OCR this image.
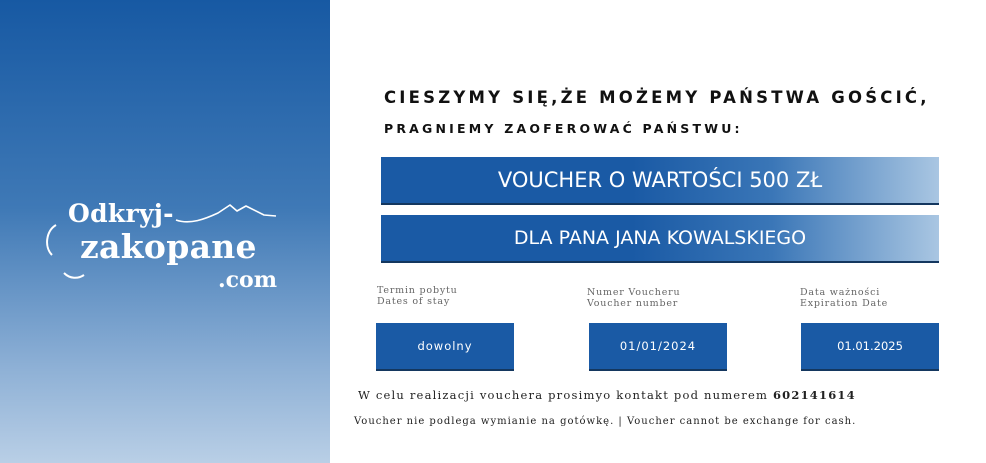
Odkryj-
zakopane
.com
CIESZYMY SIĘ,ŻE MOŻEMY PAŃSTWA GOŚCIĆ,
PRAGNIEMY ZAOFEROWAĆ PAŃSTWU:
VOUCHER O WARTOŚCI 500 ZŁ
DLA PANA JANA KOWALSKIEGO
Termin pobytu
Dates of stay
Numer Voucheru
Voucher number
Data ważności
Expiration Date
dowolny	01/01/2024	01.01.2025
W celu realizacji vouchera prosimyo kontakt pod numerem 602141614
Voucher nie podlega wymianie na gotówkę. | Voucher cannot be exchange for cash.
